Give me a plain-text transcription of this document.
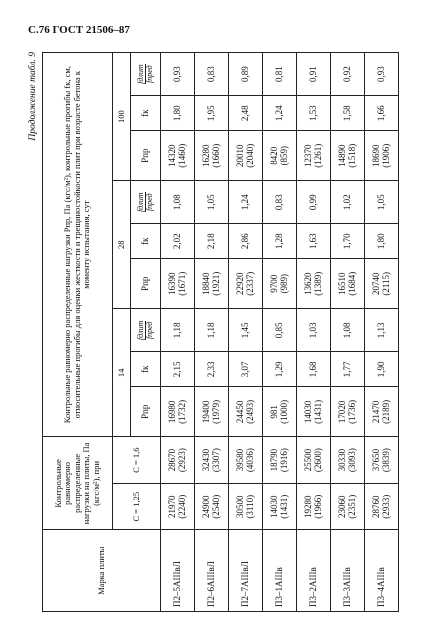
С.76 ГОСТ 21506–87
Продолжение табл. 9
Марка плиты	Контрольные равномерно распределенные нагрузки на плиты, Па (кгс/м²), при		Контрольные равномерно распределенные нагрузки Pпр, Па (кгс/м²), контрольные прогибы fк, см, относительные прогибы для оценки жесткости и трещиностойкости плит при возрасте бетона к моменту испытания, сут								
	C = 1,25	C = 1,6	14			28			100		
			Pпр	fк	fдлит fпред	Pпр	fк	fдлит fпред	Pпр	fк	fдлит fпред

П2–5АIIIвЛ	21970 (2240)	28670 (2923)	16980 (1732)	2,15	1,18	16390 (1671)	2,02	1,08	14320 (1460)	1,80	0,93
П2–6АIIIвЛ	24900 (2540)	32430 (3307)	19400 (1979)	2,33	1,18	18840 (1921)	2,18	1,05	16280 (1660)	1,95	0,83
П2–7АIIIвЛ	30500 (3110)	39580 (4036)	24450 (2493)	3,07	1,45	22920 (2337)	2,86	1,24	20010 (2040)	2,48	0,89
П3–1АIIIв	14030 (1431)	18790 (1916)	981 (1000)	1,29	0,85	9700 (989)	1,28	0,83	8420 (859)	1,24	0,81
П3–2АIIIв	19280 (1966)	25500 (2600)	14030 (1431)	1,68	1,03	13620 (1389)	1,63	0,99	12370 (1261)	1,53	0,91
П3–3АIIIв	23060 (2351)	30330 (3093)	17020 (1736)	1,77	1,08	16510 (1684)	1,70	1,02	14890 (1518)	1,58	0,92
П3–4АIIIв	28760 (2933)	37650 (3839)	21470 (2189)	1,90	1,13	20740 (2115)	1,80	1,05	18690 (1906)	1,66	0,93
